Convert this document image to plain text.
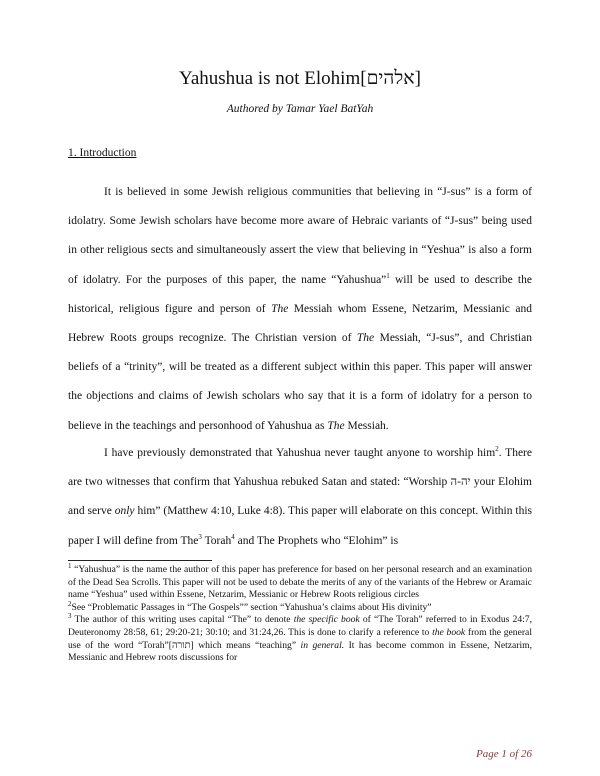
Yahushua is not Elohim[אלהים]
Authored by Tamar Yael BatYah
1. Introduction
It is believed in some Jewish religious communities that believing in “J-sus” is a form of idolatry. Some Jewish scholars have become more aware of Hebraic variants of “J-sus” being used in other religious sects and simultaneously assert the view that believing in “Yeshua” is also a form of idolatry. For the purposes of this paper, the name “Yahushua”$^1$ will be used to describe the historical, religious figure and person of The Messiah whom Essene, Netzarim, Messianic and Hebrew Roots groups recognize. The Christian version of The Messiah, “J-sus”, and Christian beliefs of a “trinity”, will be treated as a different subject within this paper. This paper will answer the objections and claims of Jewish scholars who say that it is a form of idolatry for a person to believe in the teachings and personhood of Yahushua as The Messiah.
I have previously demonstrated that Yahushua never taught anyone to worship him$^2$. There are two witnesses that confirm that Yahushua rebuked Satan and stated: “Worship יה-ה your Elohim and serve only him” (Matthew 4:10, Luke 4:8). This paper will elaborate on this concept. Within this paper I will define from The$^3$ Torah$^4$ and The Prophets who “Elohim” is

$^1$ “Yahushua” is the name the author of this paper has preference for based on her personal research and an examination of the Dead Sea Scrolls. This paper will not be used to debate the merits of any of the variants of the Hebrew or Aramaic name “Yeshua” used within Essene, Netzarim, Messianic or Hebrew Roots religious circles

$^2$See “Problematic Passages in “The Gospels”” section “Yahushua’s claims about His divinity”

$^3$ The author of this writing uses capital “The” to denote the specific book of “The Torah” referred to in Exodus 24:7, Deuteronomy 28:58, 61; 29:20-21; 30:10; and 31:24,26. This is done to clarify a reference to the book from the general use of the word “Torah”[תורה] which means “teaching” in general. It has become common in Essene, Netzarim, Messianic and Hebrew roots discussions for

Page 1 of 26
